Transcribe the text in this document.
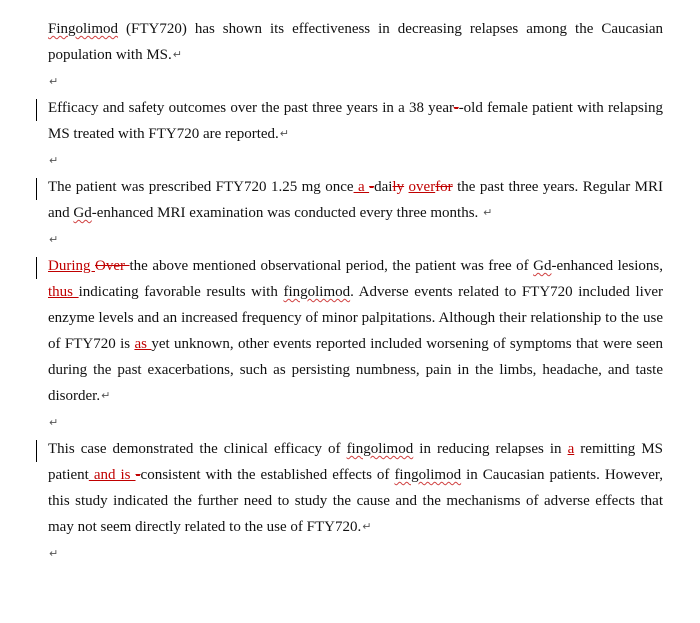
Fingolimod (FTY720) has shown its effectiveness in decreasing relapses among the Caucasian population with MS.↵
↵
Efficacy and safety outcomes over the past three years in a 38 year--old female patient with relapsing MS treated with FTY720 are reported.↵
↵
The patient was prescribed FTY720 1.25 mg once a -daily overfor the past three years. Regular MRI and Gd-enhanced MRI examination was conducted every three months. ↵
↵
During Over the above mentioned observational period, the patient was free of Gd-enhanced lesions, thus indicating favorable results with fingolimod. Adverse events related to FTY720 included liver enzyme levels and an increased frequency of minor palpitations. Although their relationship to the use of FTY720 is as yet unknown, other events reported included worsening of symptoms that were seen during the past exacerbations, such as persisting numbness, pain in the limbs, headache, and taste disorder.↵
↵
This case demonstrated the clinical efficacy of fingolimod in reducing relapses in a remitting MS patient and is -consistent with the established effects of fingolimod in Caucasian patients. However, this study indicated the further need to study the cause and the mechanisms of adverse effects that may not seem directly related to the use of FTY720.↵
↵
